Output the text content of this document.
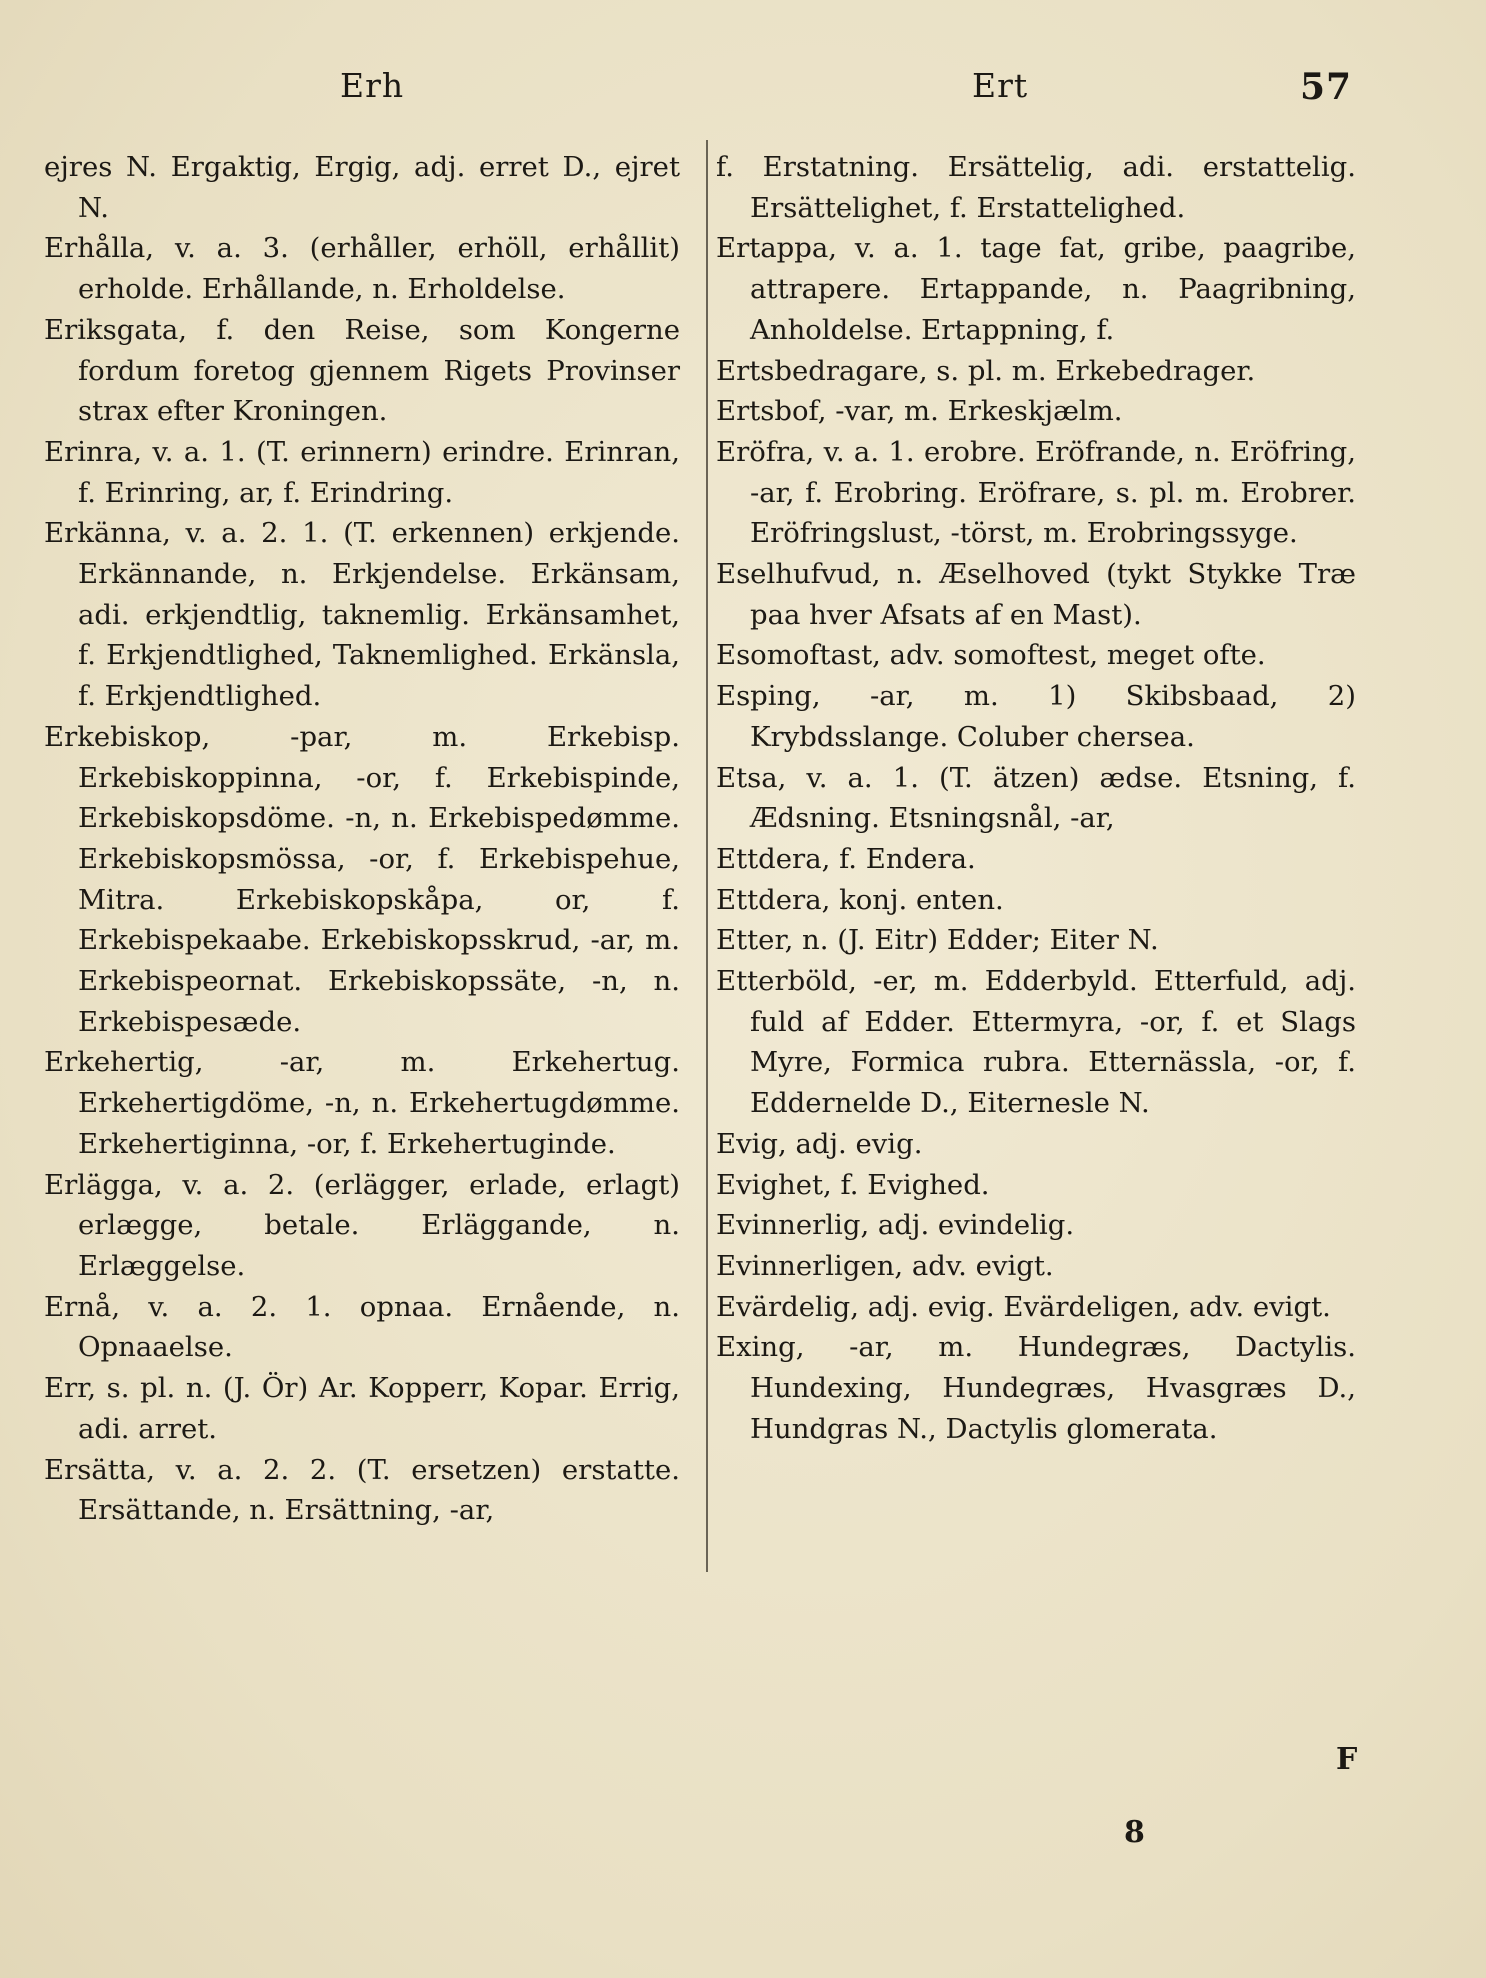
Erh	Ert	57

ejres N. Ergaktig, Ergig, adj. erret D., ejret N.

Erhålla, v. a. 3. (erhåller, erhöll, erhållit) erholde. Erhållande, n. Erholdelse.

Eriksgata, f. den Reise, som Kongerne fordum foretog gjennem Rigets Provinser strax efter Kroningen.

Erinra, v. a. 1. (T. erinnern) erindre. Erinran, f. Erinring, ar, f. Erindring.

Erkänna, v. a. 2. 1. (T. erkennen) erkjende. Erkännande, n. Erkjendelse. Erkänsam, adi. erkjendtlig, taknemlig. Erkänsamhet, f. Erkjendtlighed, Taknemlighed. Erkänsla, f. Erkjendtlighed.

Erkebiskop, -par, m. Erkebisp. Erkebiskoppinna, -or, f. Erkebispinde, Erkebiskopsdöme. -n, n. Erkebispedømme. Erkebiskopsmössa, -or, f. Erkebispehue, Mitra. Erkebiskopskåpa, or, f. Erkebispekaabe. Erkebiskopsskrud, -ar, m. Erkebispeornat. Erkebiskopssäte, -n, n. Erkebispesæde.

Erkehertig, -ar, m. Erkehertug. Erkehertigdöme, -n, n. Erkehertugdømme. Erkehertiginna, -or, f. Erkehertuginde.

Erlägga, v. a. 2. (erlägger, erlade, erlagt) erlægge, betale. Erläggande, n. Erlæggelse.

Ernå, v. a. 2. 1. opnaa. Ernående, n. Opnaaelse.

Err, s. pl. n. (J. Ör) Ar. Kopperr, Kopar. Errig, adi. arret.

Ersätta, v. a. 2. 2. (T. ersetzen) erstatte. Ersättande, n. Ersättning, -ar,

f. Erstatning. Ersättelig, adi. erstattelig. Ersättelighet, f. Erstattelighed.

Ertappa, v. a. 1. tage fat, gribe, paagribe, attrapere. Ertappande, n. Paagribning, Anholdelse. Ertappning, f.

Ertsbedragare, s. pl. m. Erkebedrager.

Ertsbof, -var, m. Erkeskjælm.

Eröfra, v. a. 1. erobre. Eröfrande, n. Eröfring, -ar, f. Erobring. Eröfrare, s. pl. m. Erobrer. Eröfringslust, -törst, m. Erobringssyge.

Eselhufvud, n. Æselhoved (tykt Stykke Træ paa hver Afsats af en Mast).

Esomoftast, adv. somoftest, meget ofte.

Esping, -ar, m. 1) Skibsbaad, 2) Krybdsslange. Coluber chersea.

Etsa, v. a. 1. (T. ätzen) ædse. Etsning, f. Ædsning. Etsningsnål, -ar,

Ettdera, f. Endera.

Ettdera, konj. enten.

Etter, n. (J. Eitr) Edder; Eiter N.

Etterböld, -er, m. Edderbyld. Etterfuld, adj. fuld af Edder. Ettermyra, -or, f. et Slags Myre, Formica rubra. Etternässla, -or, f. Eddernelde D., Eiternesle N.

Evig, adj. evig.

Evighet, f. Evighed.

Evinnerlig, adj. evindelig.

Evinnerligen, adv. evigt.

Evärdelig, adj. evig. Evärdeligen, adv. evigt.

Exing, -ar, m. Hundegræs, Dactylis. Hundexing, Hundegræs, Hvasgræs D., Hundgras N., Dactylis glomerata.

F
8
